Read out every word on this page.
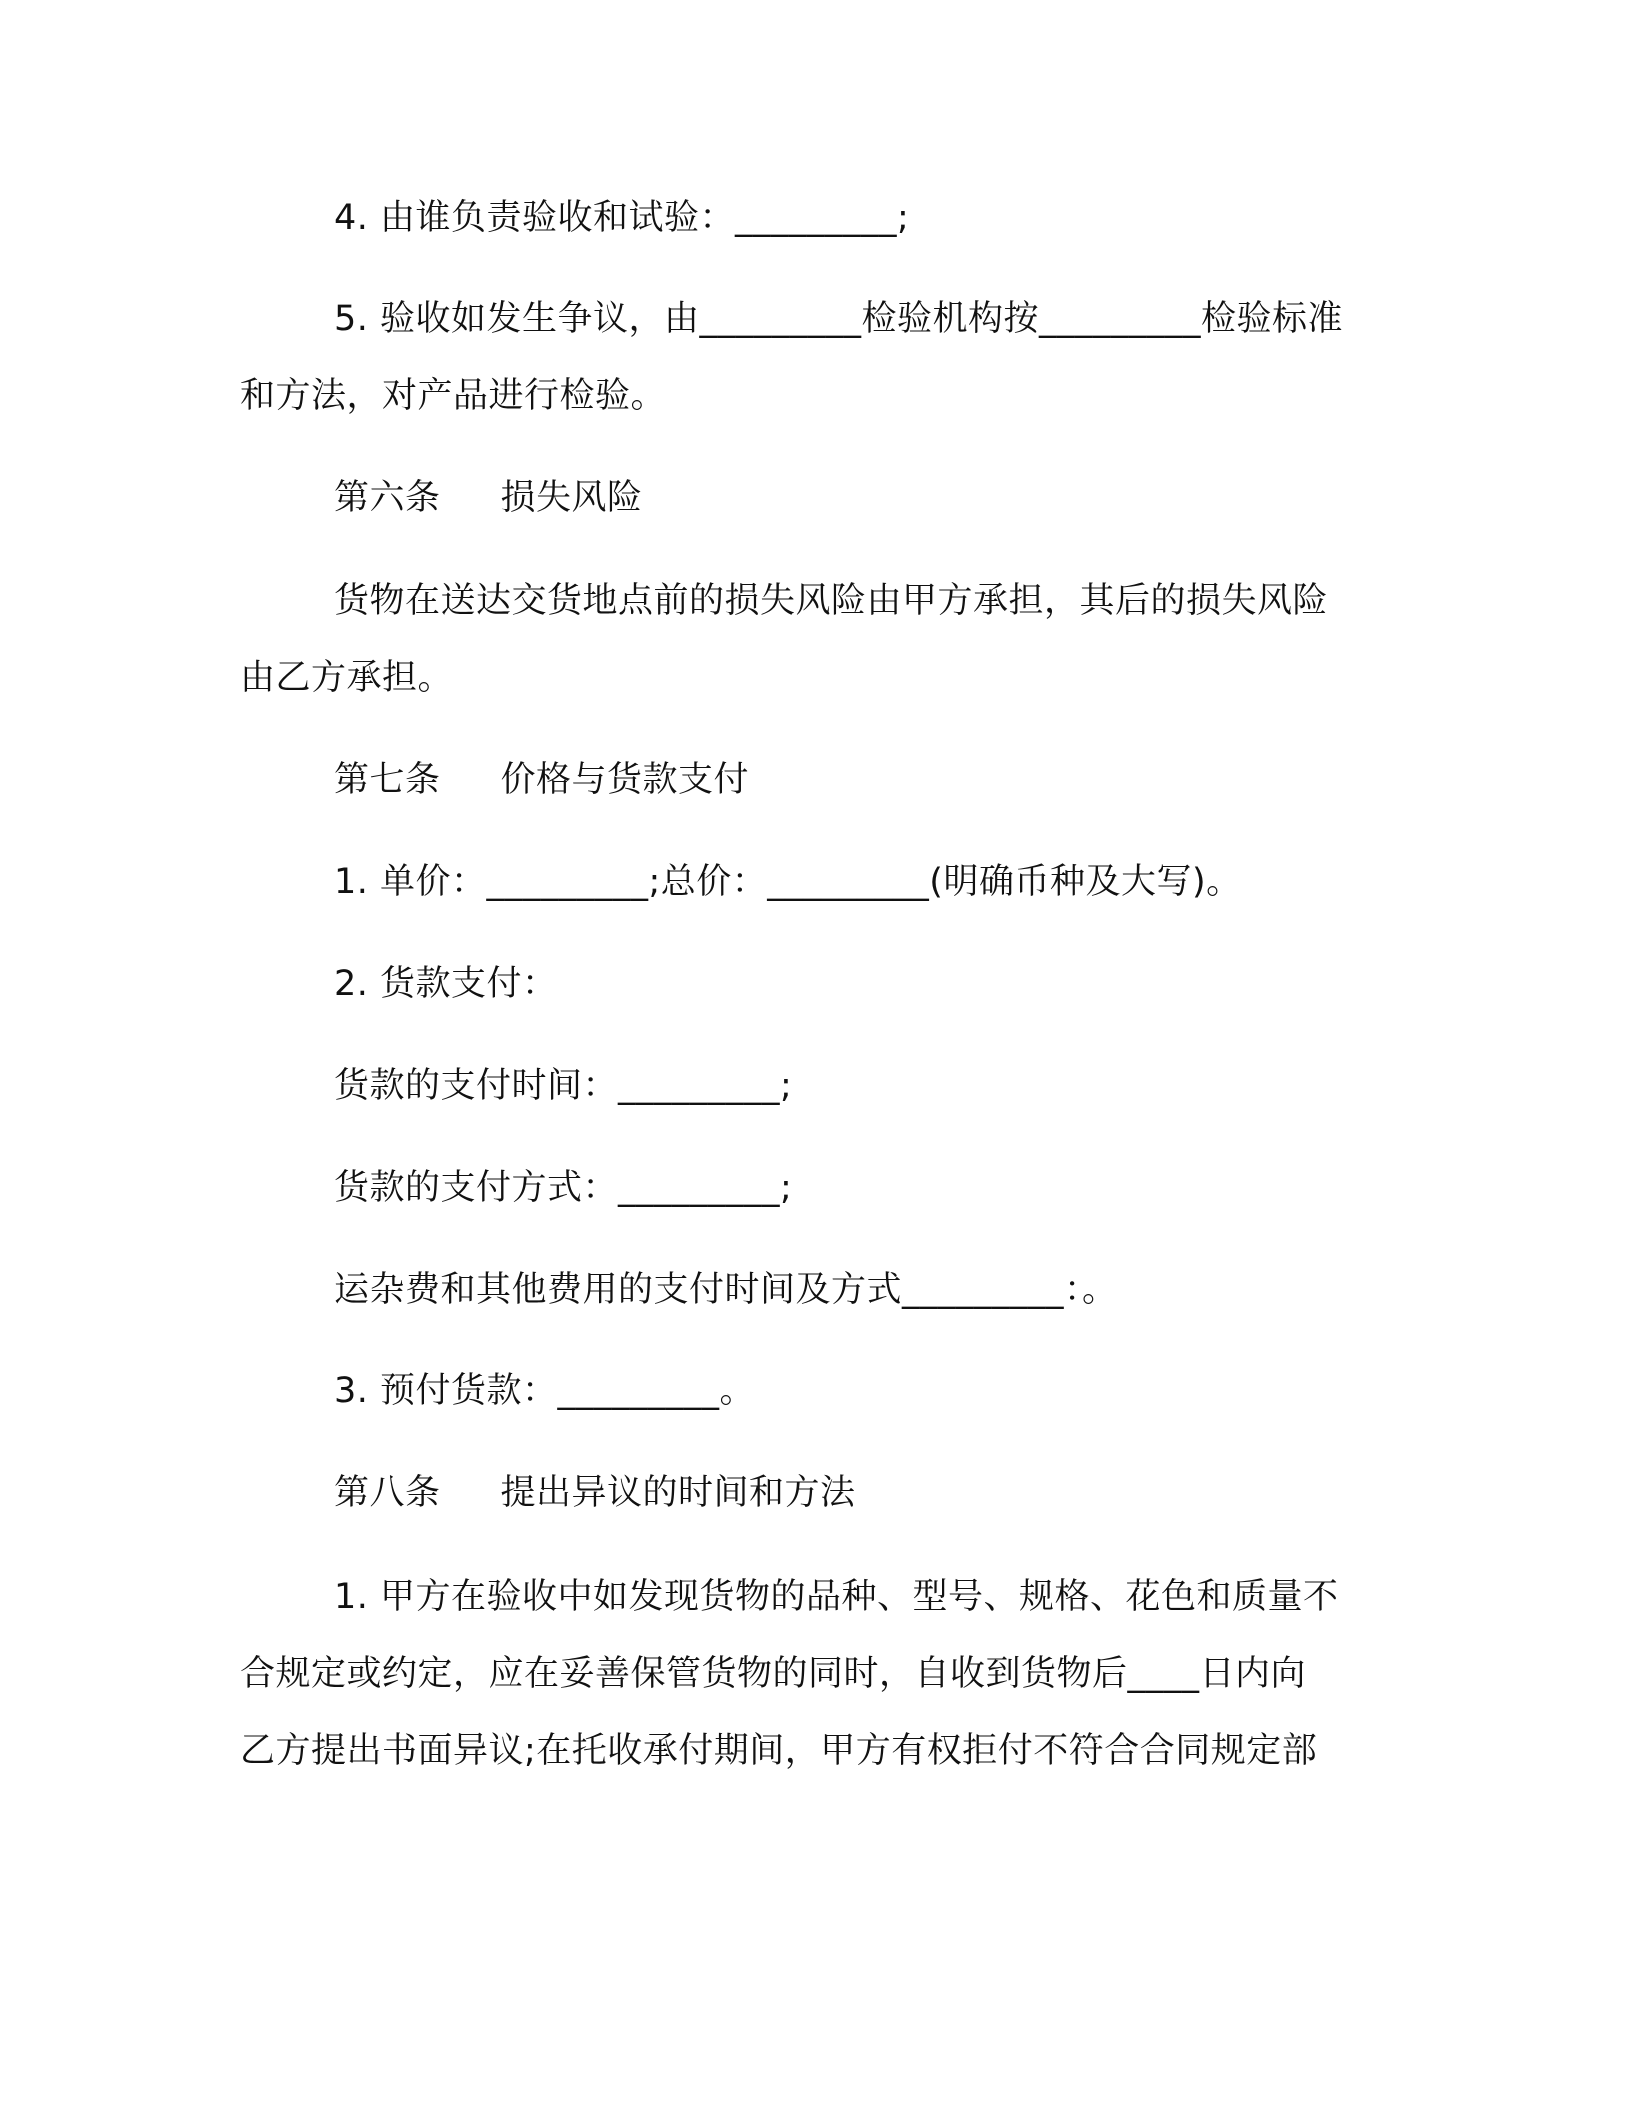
4. 由谁负责验收和试验：_________;
5. 验收如发生争议，由_________检验机构按_________检验标准
和方法，对产品进行检验。
第六条 损失风险
货物在送达交货地点前的损失风险由甲方承担，其后的损失风险
由乙方承担。
第七条 价格与货款支付
1. 单价：_________;总价：_________(明确币种及大写)。
2. 货款支付：
货款的支付时间：_________;
货款的支付方式：_________;
运杂费和其他费用的支付时间及方式_________：。
3. 预付货款：_________。
第八条 提出异议的时间和方法
1. 甲方在验收中如发现货物的品种、型号、规格、花色和质量不
合规定或约定，应在妥善保管货物的同时，自收到货物后____日内向
乙方提出书面异议;在托收承付期间，甲方有权拒付不符合合同规定部
